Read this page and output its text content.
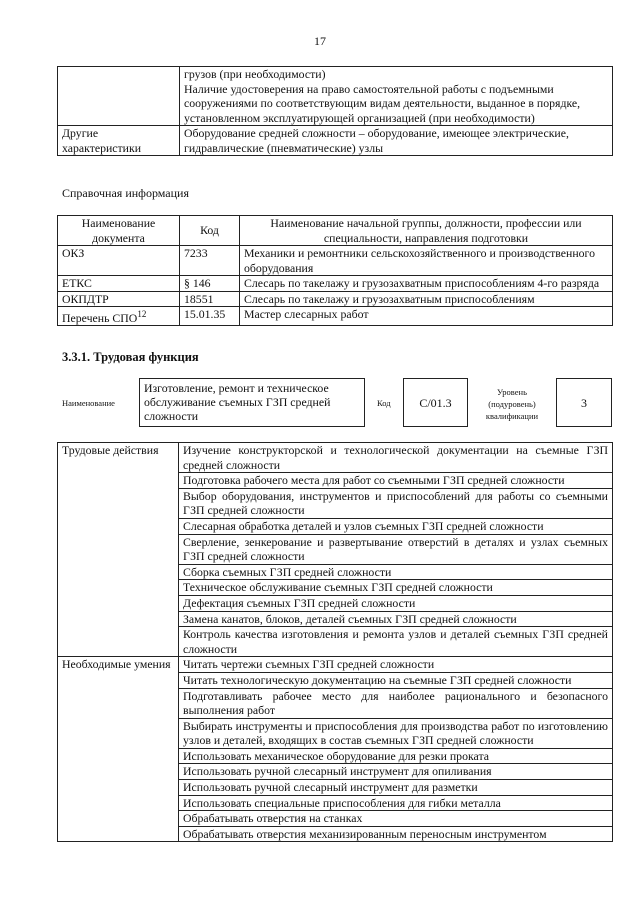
17
	грузов (при необходимости)
Наличие удостоверения на право самостоятельной работы с подъемными сооружениями по соответствующим видам деятельности, выданное в порядке, установленном эксплуатирующей организацией (при необходимости)
Другие характеристики	Оборудование средней сложности – оборудование, имеющее электрические, гидравлические (пневматические) узлы
Справочная информация
Наименование документа	Код	Наименование начальной группы, должности, профессии или специальности, направления подготовки
ОКЗ	7233	Механики и ремонтники сельскохозяйственного и производственного оборудования
ЕТКС	§ 146	Слесарь по такелажу и грузозахватным приспособлениям 4-го разряда
ОКПДТР	18551	Слесарь по такелажу и грузозахватным приспособлениям
Перечень СПО$^{12}$	15.01.35	Мастер слесарных работ
3.3.1. Трудовая функция
Наименование
Изготовление, ремонт и техническое обслуживание съемных ГЗП средней сложности
Код	C/01.3
Уровень (подуровень) квалификации
3
Трудовые действия	Изучение конструкторской и технологической документации на съемные ГЗП средней сложности
	Подготовка рабочего места для работ со съемными ГЗП средней сложности
	Выбор оборудования, инструментов и приспособлений для работы со съемными ГЗП средней сложности
	Слесарная обработка деталей и узлов съемных ГЗП средней сложности
	Сверление, зенкерование и развертывание отверстий в деталях и узлах съемных ГЗП средней сложности
	Сборка съемных ГЗП средней сложности
	Техническое обслуживание съемных ГЗП средней сложности
	Дефектация съемных ГЗП средней сложности
	Замена канатов, блоков, деталей съемных ГЗП средней сложности
	Контроль качества изготовления и ремонта узлов и деталей съемных ГЗП средней сложности
Необходимые умения	Читать чертежи съемных ГЗП средней сложности
	Читать технологическую документацию на съемные ГЗП средней сложности
	Подготавливать рабочее место для наиболее рационального и безопасного выполнения работ
	Выбирать инструменты и приспособления для производства работ по изготовлению узлов и деталей, входящих в состав съемных ГЗП средней сложности
	Использовать механическое оборудование для резки проката
	Использовать ручной слесарный инструмент для опиливания
	Использовать ручной слесарный инструмент для разметки
	Использовать специальные приспособления для гибки металла
	Обрабатывать отверстия на станках
	Обрабатывать отверстия механизированным переносным инструментом
